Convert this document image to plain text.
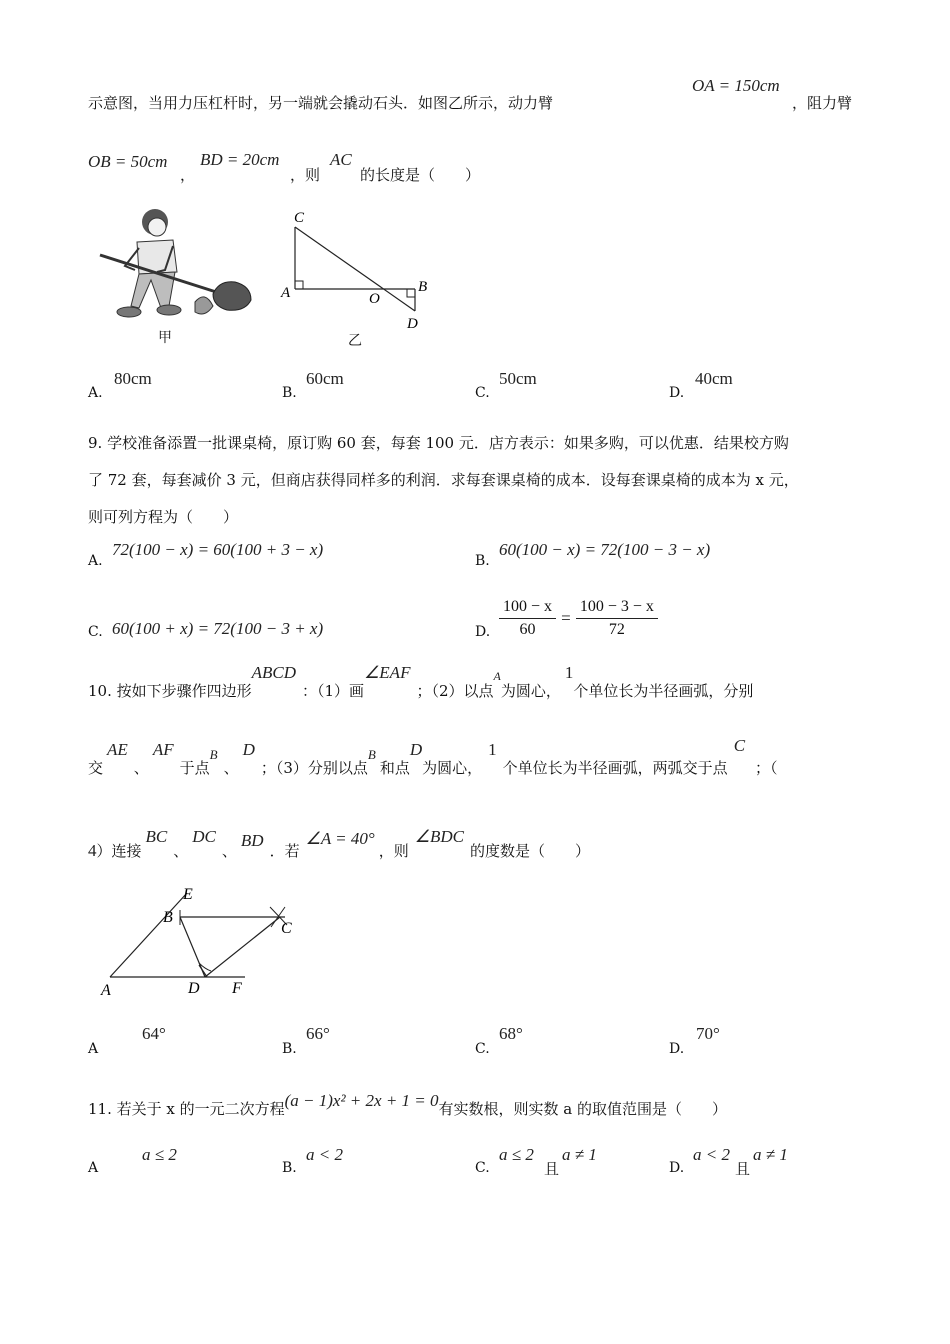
示意图，当用力压杠杆时，另一端就会撬动石头．如图乙所示，动力臂
OA = 150cm
，阻力臂
OB = 50cm
，
BD = 20cm
，则
AC
的长度是（　　）
甲
C
A	O
B
D
乙
A.
80cm
B.
60cm
C.
50cm
D.
40cm
9. 学校准备添置一批课桌椅，原订购 60 套，每套 100 元．店方表示：如果多购，可以优惠．结果校方购
了 72 套，每套减价 3 元，但商店获得同样多的利润．求每套课桌椅的成本．设每套课桌椅的成本为 x 元，
则可列方程为（　　）
A.
72(100 − x) = 60(100 + 3 − x)
B.
60(100 − x) = 72(100 − 3 − x)
C. 60(100 + x) = 72(100 − 3 + x)	D. $\frac{100 - x}{60} = \frac{100 - 3 - x}{72}$
10. 按如下步骤作四边形ABCD：（1）画∠EAF；（2）以点$^A$为圆心，1个单位长为半径画弧，分别
交AE、AF于点$^B$、D；（3）分别以点$^B$和点D为圆心，1个单位长为半径画弧，两弧交于点C；（
4）连接BC、DC、BD．若∠A = 40°，则∠BDC的度数是（　　）
E
B
C
A	D F
A
64°
B.
66°
C.
68°
D.
70°
11. 若关于 x 的一元二次方程(a − 1)x² + 2x + 1 = 0有实数根，则实数 a 的取值范围是（　　）
A
a ≤ 2
B.
a < 2
C.
a ≤ 2
且
a ≠ 1
D.
a < 2
且
a ≠ 1
